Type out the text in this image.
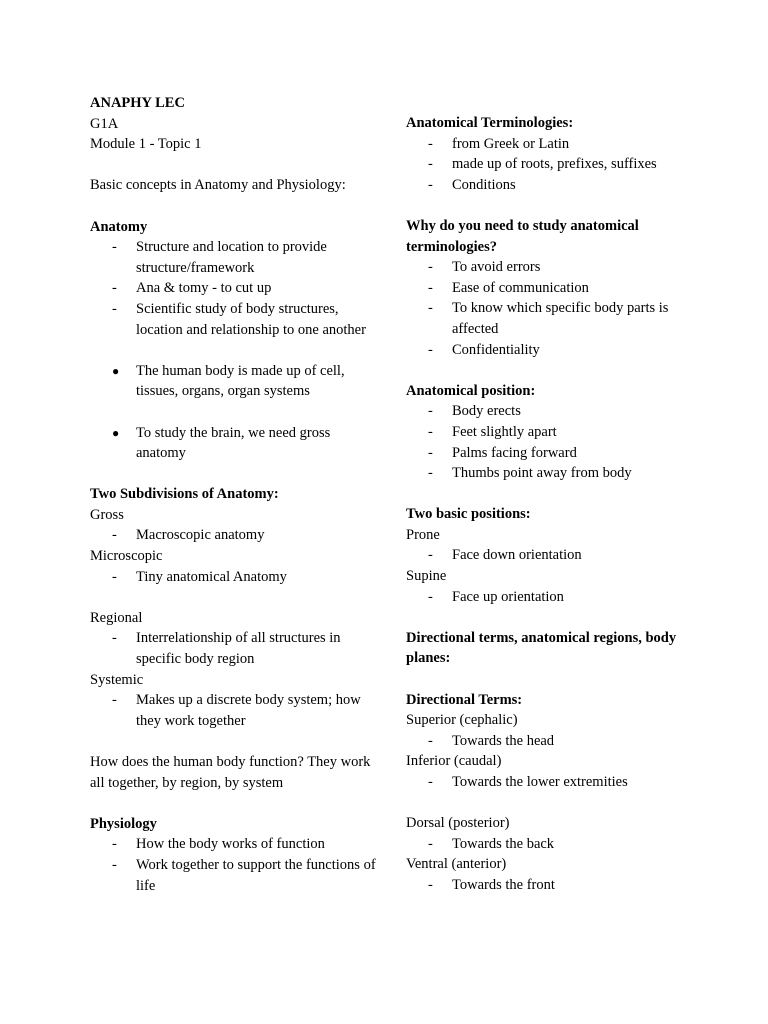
ANAPHY LEC
G1A
Module 1 - Topic 1
Basic concepts in Anatomy and Physiology:
Anatomy
- Structure and location to provide structure/framework
- Ana & tomy - to cut up
- Scientific study of body structures, location and relationship to one another
● The human body is made up of cell, tissues, organs, organ systems
● To study the brain, we need gross anatomy
Two Subdivisions of Anatomy:
Gross
- Macroscopic anatomy
Microscopic
- Tiny anatomical Anatomy
Regional
- Interrelationship of all structures in specific body region
Systemic
- Makes up a discrete body system; how they work together
How does the human body function? They work all together, by region, by system
Physiology
- How the body works of function
- Work together to support the functions of life
Anatomical Terminologies:
- from Greek or Latin
- made up of roots, prefixes, suffixes
- Conditions
Why do you need to study anatomical terminologies?
- To avoid errors
- Ease of communication
- To know which specific body parts is affected
- Confidentiality
Anatomical position:
- Body erects
- Feet slightly apart
- Palms facing forward
- Thumbs point away from body
Two basic positions:
Prone
- Face down orientation
Supine
- Face up orientation
Directional terms, anatomical regions, body planes:
Directional Terms:
Superior (cephalic)
- Towards the head
Inferior (caudal)
- Towards the lower extremities
Dorsal (posterior)
- Towards the back
Ventral (anterior)
- Towards the front
